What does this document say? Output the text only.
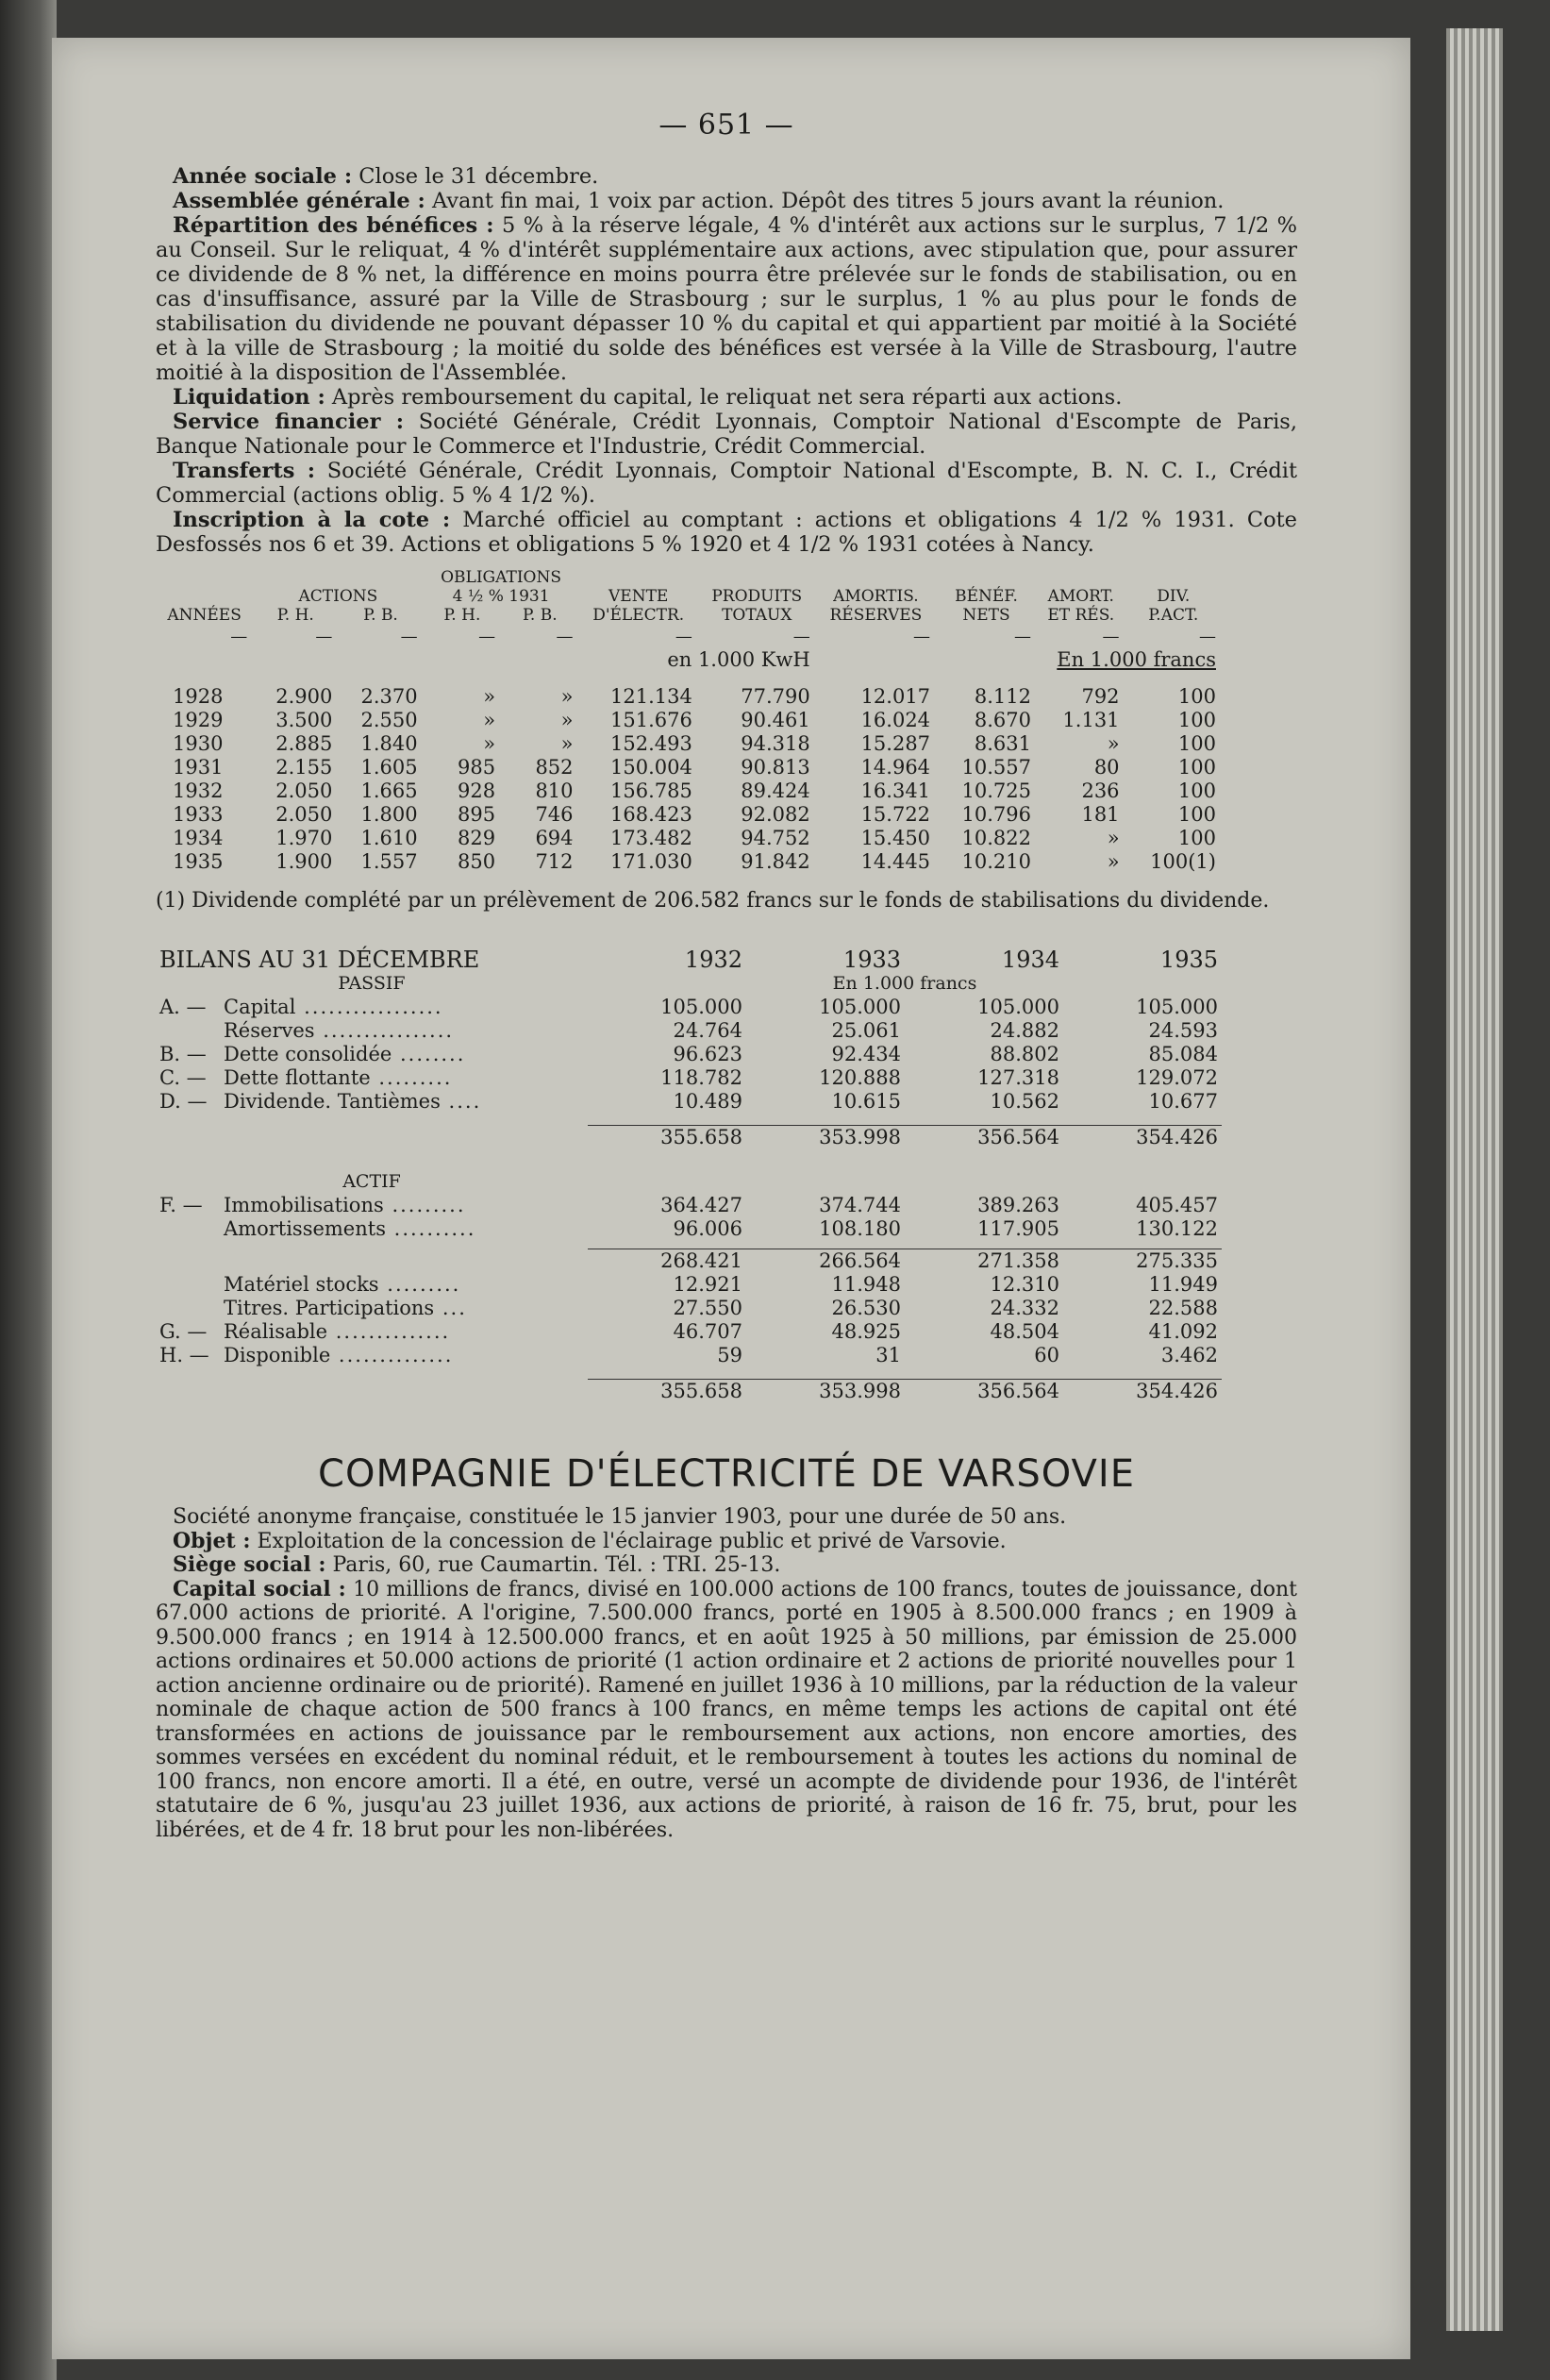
— 651 —

Année sociale : Close le 31 décembre.

Assemblée générale : Avant fin mai, 1 voix par action. Dépôt des titres 5 jours avant la réunion.

Répartition des bénéfices : 5 % à la réserve légale, 4 % d'intérêt aux actions sur le surplus, 7 1/2 % au Conseil. Sur le reliquat, 4 % d'intérêt supplémentaire aux actions, avec stipulation que, pour assurer ce dividende de 8 % net, la différence en moins pourra être prélevée sur le fonds de stabilisation, ou en cas d'insuffisance, assuré par la Ville de Strasbourg ; sur le surplus, 1 % au plus pour le fonds de stabilisation du dividende ne pouvant dépasser 10 % du capital et qui appartient par moitié à la Société et à la ville de Strasbourg ; la moitié du solde des bénéfices est versée à la Ville de Strasbourg, l'autre moitié à la disposition de l'Assemblée.

Liquidation : Après remboursement du capital, le reliquat net sera réparti aux actions.

Service financier : Société Générale, Crédit Lyonnais, Comptoir National d'Escompte de Paris, Banque Nationale pour le Commerce et l'Industrie, Crédit Commercial.

Transferts : Société Générale, Crédit Lyonnais, Comptoir National d'Escompte, B. N. C. I., Crédit Commercial (actions oblig. 5 % 4 1/2 %).

Inscription à la cote : Marché officiel au comptant : actions et obligations 4 1/2 % 1931. Cote Desfossés nos 6 et 39. Actions et obligations 5 % 1920 et 4 1/2 % 1931 cotées à Nancy.

			OBLIGATIONS							
	ACTIONS		4 ½ % 1931		VENTE	PRODUITS	AMORTIS.	BÉNÉF.	AMORT.	DIV.
ANNÉES	P. H.	P. B.	P. H.	P. B.	D'ÉLECTR.	TOTAUX	RÉSERVES	NETS	ET RÉS.	P.ACT.
—	—	—	—	—	—	—	—	—	—	—
					en 1.000 KwH		En 1.000 francs			

1928	2.900	2.370	»	»	121.134	77.790	12.017	8.112	792	100
1929	3.500	2.550	»	»	151.676	90.461	16.024	8.670	1.131	100
1930	2.885	1.840	»	»	152.493	94.318	15.287	8.631	»	100
1931	2.155	1.605	985	852	150.004	90.813	14.964	10.557	80	100
1932	2.050	1.665	928	810	156.785	89.424	16.341	10.725	236	100
1933	2.050	1.800	895	746	168.423	92.082	15.722	10.796	181	100
1934	1.970	1.610	829	694	173.482	94.752	15.450	10.822	»	100
1935	1.900	1.557	850	712	171.030	91.842	14.445	10.210	»	100(1)
(1) Dividende complété par un prélèvement de 206.582 francs sur le fonds de stabilisations du dividende.
BILANS AU 31 DÉCEMBRE		1932	1933	1934	1935

PASSIF		En 1.000 francs			
A. —	Capital .................	105.000	105.000	105.000	105.000
	Réserves ................	24.764	25.061	24.882	24.593
B. —	Dette consolidée ........	96.623	92.434	88.802	85.084
C. —	Dette flottante .........	118.782	120.888	127.318	129.072
D. —	Dividende. Tantièmes ....	10.489	10.615	10.562	10.677

		355.658	353.998	356.564	354.426

ACTIF					
F. —	Immobilisations .........	364.427	374.744	389.263	405.457
	Amortissements ..........	96.006	108.180	117.905	130.122

		268.421	266.564	271.358	275.335
	Matériel stocks .........	12.921	11.948	12.310	11.949
	Titres. Participations ...	27.550	26.530	24.332	22.588
G. —	Réalisable ..............	46.707	48.925	48.504	41.092
H. —	Disponible ..............	59	31	60	3.462

		355.658	353.998	356.564	354.426
COMPAGNIE D'ÉLECTRICITÉ DE VARSOVIE

Société anonyme française, constituée le 15 janvier 1903, pour une durée de 50 ans.

Objet : Exploitation de la concession de l'éclairage public et privé de Varsovie.

Siège social : Paris, 60, rue Caumartin. Tél. : TRI. 25-13.

Capital social : 10 millions de francs, divisé en 100.000 actions de 100 francs, toutes de jouissance, dont 67.000 actions de priorité. A l'origine, 7.500.000 francs, porté en 1905 à 8.500.000 francs ; en 1909 à 9.500.000 francs ; en 1914 à 12.500.000 francs, et en août 1925 à 50 millions, par émission de 25.000 actions ordinaires et 50.000 actions de priorité (1 action ordinaire et 2 actions de priorité nouvelles pour 1 action ancienne ordinaire ou de priorité). Ramené en juillet 1936 à 10 millions, par la réduction de la valeur nominale de chaque action de 500 francs à 100 francs, en même temps les actions de capital ont été transformées en actions de jouissance par le remboursement aux actions, non encore amorties, des sommes versées en excédent du nominal réduit, et le remboursement à toutes les actions du nominal de 100 francs, non encore amorti. Il a été, en outre, versé un acompte de dividende pour 1936, de l'intérêt statutaire de 6 %, jusqu'au 23 juillet 1936, aux actions de priorité, à raison de 16 fr. 75, brut, pour les libérées, et de 4 fr. 18 brut pour les non-libérées.
